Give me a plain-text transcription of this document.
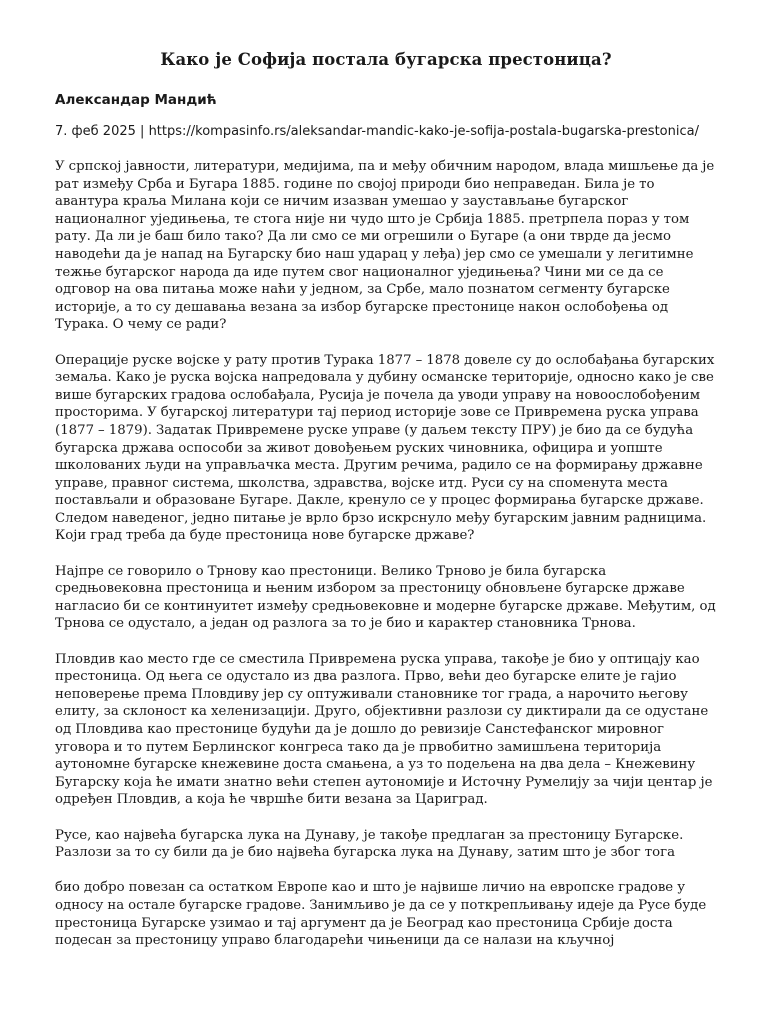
Како је Софија постала бугарска престоница?
Александар Мандић
7. феб 2025 | https://kompasinfo.rs/aleksandar-mandic-kako-je-sofija-postala-bugarska-prestonica/

У српској јавности, литератури, медијима, па и међу обичним народом, влада мишљење да је рат између Срба и Бугара 1885. године по својој природи био неправедан. Била је то авантура краља Милана који се ничим изазван умешао у заустављање бугарског националног уједињења, те стога није ни чудо што је Србија 1885. претрпела пораз у том рату. Да ли је баш било тако? Да ли смо се ми огрешили о Бугаре (а они тврде да јесмо наводећи да је напад на Бугарску био наш ударац у леђа) јер смо се умешали у легитимне тежње бугарског народа да иде путем свог националног уједињења? Чини ми се да се одговор на ова питања може наћи у једном, за Србе, мало познатом сегменту бугарске историје, а то су дешавања везана за избор бугарске престонице након ослобођења од Турака. О чему се ради?

Операције руске војске у рату против Турака 1877 – 1878 довеле су до ослобађања бугарских земаља. Како је руска војска напредовала у дубину османске територије, односно како је све више бугарских градова ослобађала, Русија је почела да уводи управу на новоослобођеним просторима. У бугарској литератури тај период историје зове се Привремена руска управа (1877 – 1879). Задатак Привремене руске управе (у даљем тексту ПРУ) је био да се будућа бугарска држава оспособи за живот довођењем руских чиновника, официра и уопште школованих људи на управљачка места. Другим речима, радило се на формирању државне управе, правног система, школства, здравства, војске итд. Руси су на споменута места постављали и образоване Бугаре. Дакле, кренуло се у процес формирања бугарске државе. Следом наведеног, једно питање је врло брзо искрснуло међу бугарским јавним радницима. Који град треба да буде престоница нове бугарске државе?

Најпре се говорило о Трнову као престоници. Велико Трново је била бугарска средњовековна престоница и њеним избором за престоницу обновљене бугарске државе нагласио би се континуитет између средњовековне и модерне бугарске државе. Међутим, од Трнова се одустало, а један од разлога за то је био и карактер становника Трнова.

Пловдив као место где се сместила Привремена руска управа, такође је био у оптицају као престоница. Од њега се одустало из два разлога. Прво, већи део бугарске елите је гајио неповерење према Пловдиву јер су оптуживали становнике тог града, а нарочито његову елиту, за склоност ка хеленизацији. Друго, објективни разлози су диктирали да се одустане од Пловдива као престонице будући да је дошло до ревизије Санстефанског мировног уговора и то путем Берлинског конгреса тако да је првобитно замишљена територија аутономне бугарске кнежевине доста смањена, а уз то подељена на два дела – Кнежевину Бугарску која ће имати знатно већи степен аутономије и Источну Румелију за чији центар је одређен Пловдив, а која ће чвршће бити везана за Цариград.

Русе, као највећа бугарска лука на Дунаву, је такође предлаган за престоницу Бугарске. Разлози за то су били да је био највећа бугарска лука на Дунаву, затим што је због тога

био добро повезан са остатком Европе као и што је највише личио на европске градове у односу на остале бугарске градове. Занимљиво је да се у поткрепљивању идеје да Русе буде престоница Бугарске узимао и тај аргумент да је Београд као престоница Србије доста подесан за престоницу управо благодарећи чињеници да се налази на кључној
